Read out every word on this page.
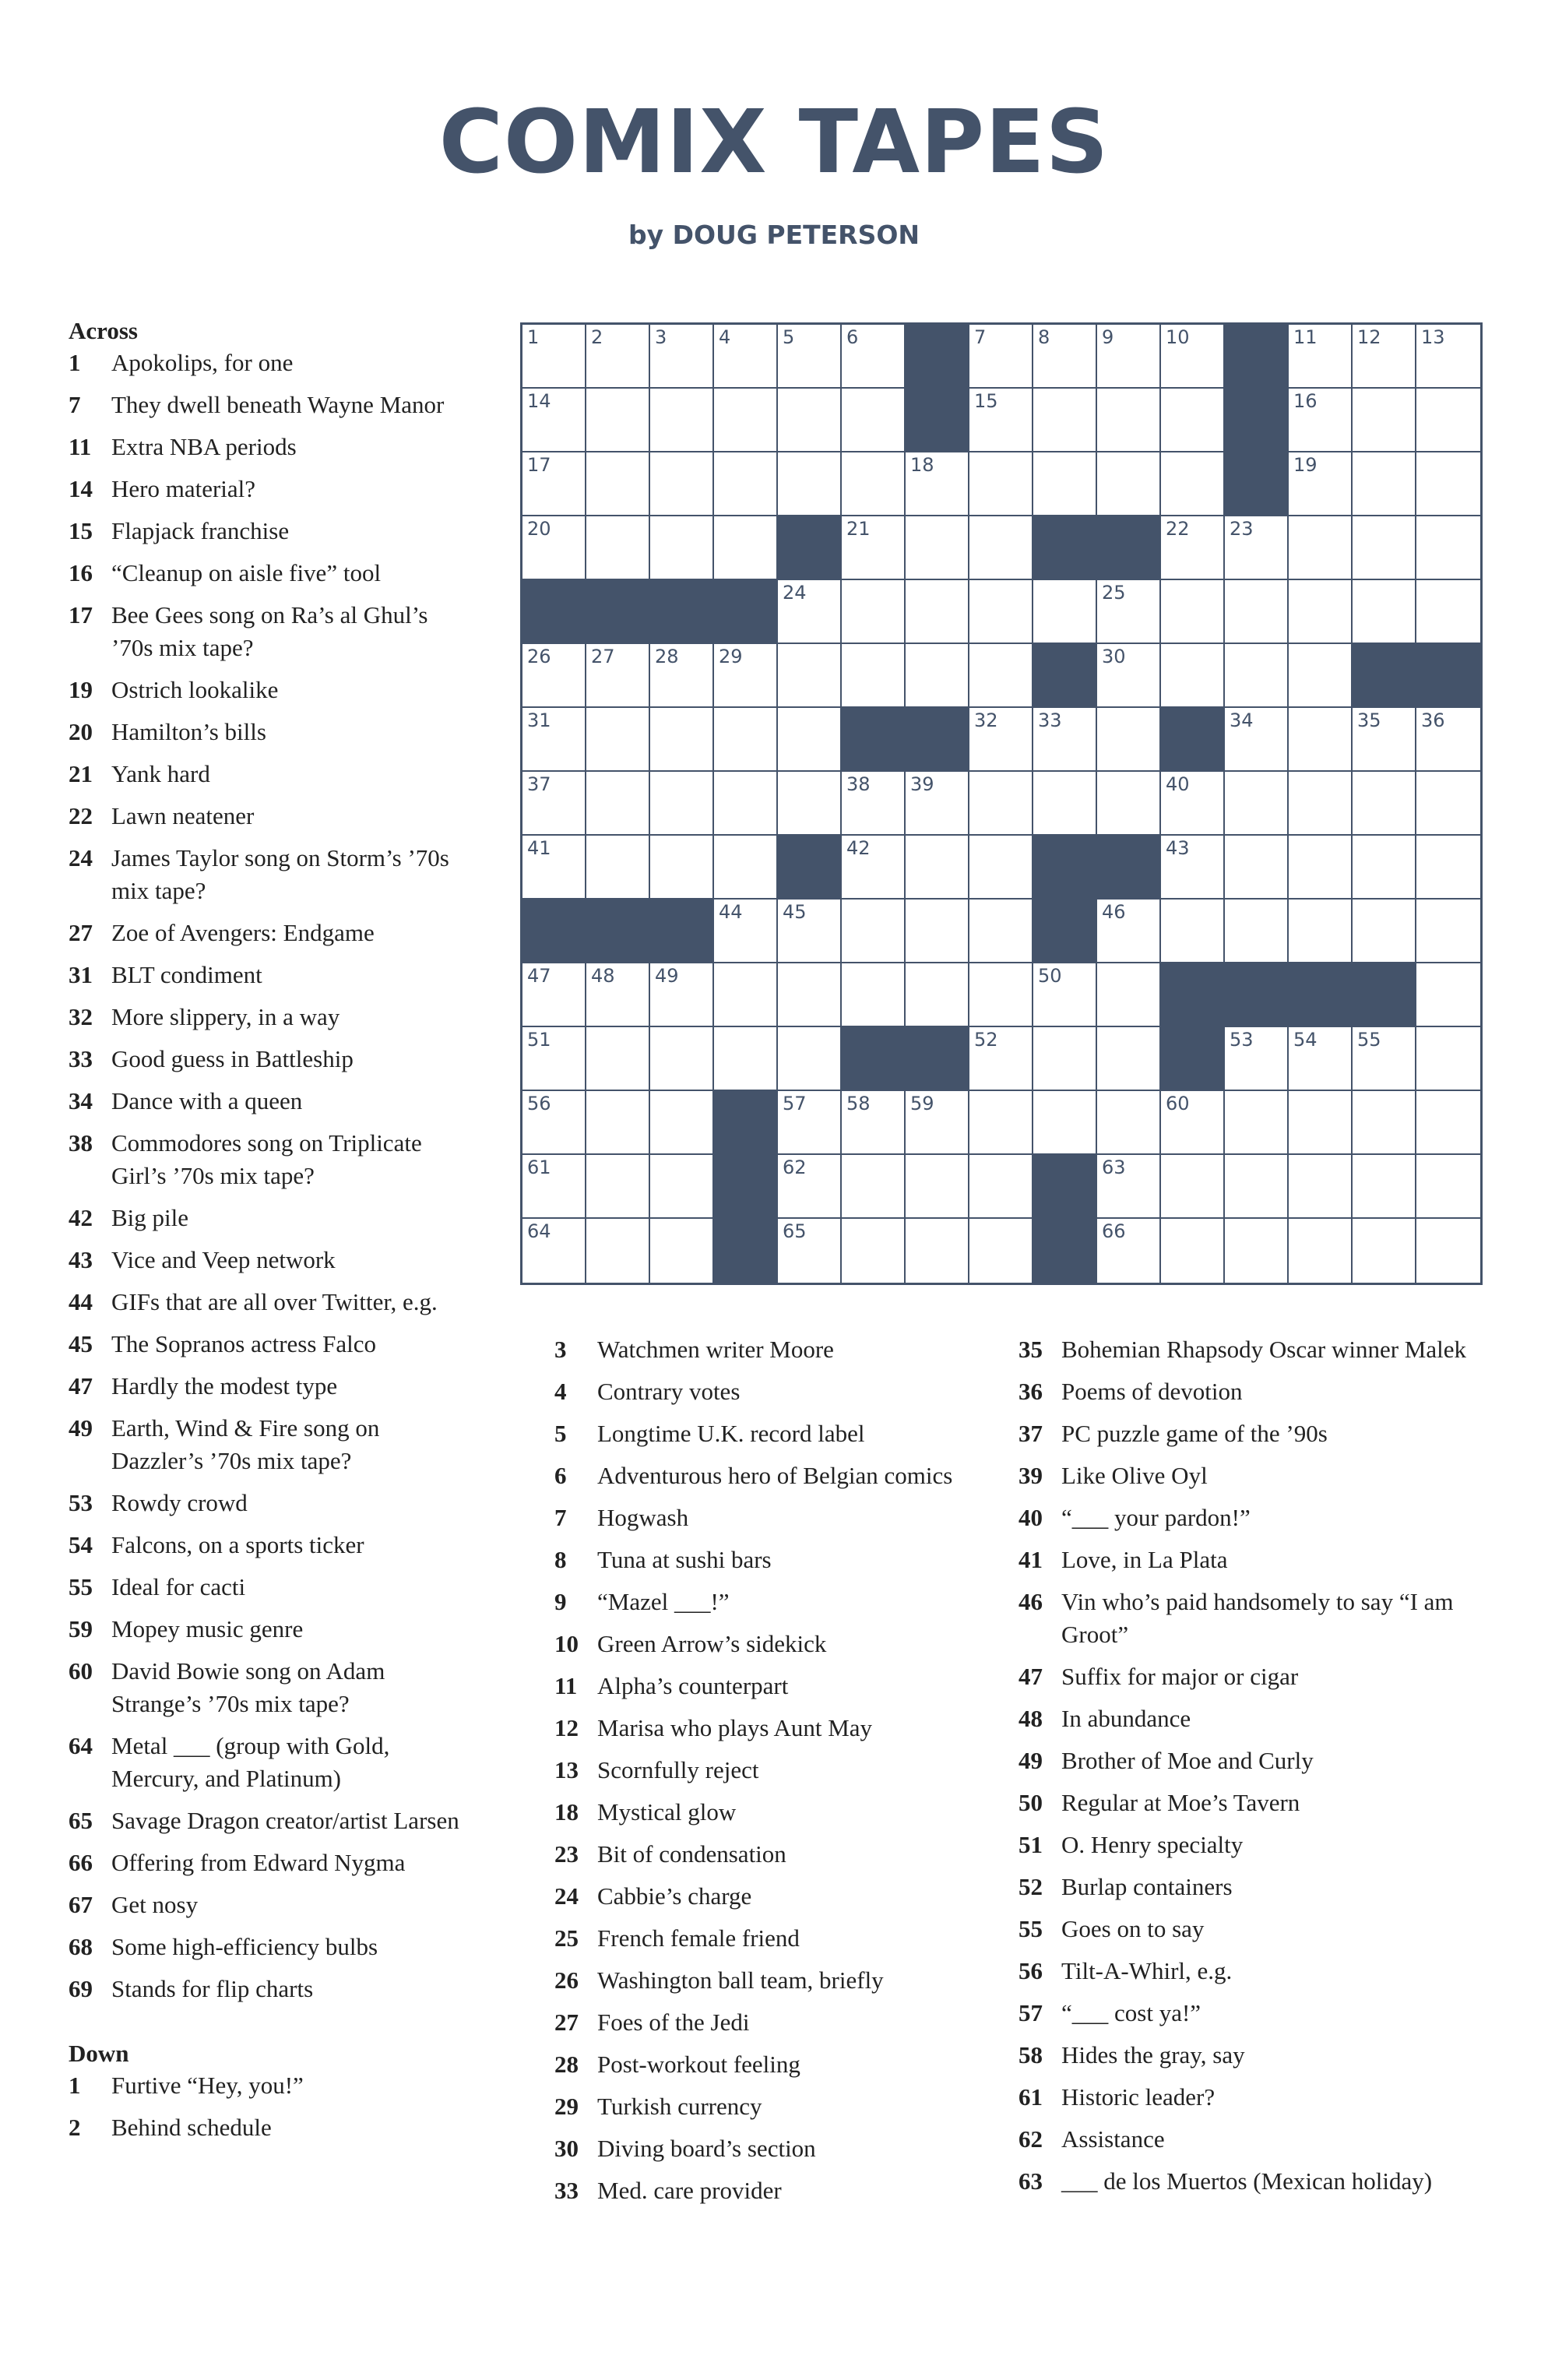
COMIX TAPES
by DOUG PETERSON
Across
1	Apokolips, for one
7	They dwell beneath Wayne Manor
11 Extra NBA periods
14 Hero material?
15 Flapjack franchise
16 “Cleanup on aisle five” tool
17 Bee Gees song on Ra’s al Ghul’s ’70s mix tape?
19 Ostrich lookalike
20 Hamilton’s bills
21 Yank hard
22 Lawn neatener
24 James Taylor song on Storm’s ’70s mix tape?
27 Zoe of Avengers: Endgame
31 BLT condiment
32 More slippery, in a way
33 Good guess in Battleship
34 Dance with a queen
38 Commodores song on Triplicate Girl’s ’70s mix tape?
42 Big pile
43 Vice and Veep network
44 GIFs that are all over Twitter, e.g.
45 The Sopranos actress Falco
47 Hardly the modest type
49 Earth, Wind & Fire song on Dazzler’s ’70s mix tape?
53 Rowdy crowd
54 Falcons, on a sports ticker
55 Ideal for cacti
59 Mopey music genre
60 David Bowie song on Adam Strange’s ’70s mix tape?
64 Metal ___ (group with Gold, Mercury, and Platinum)
65 Savage Dragon creator/artist Larsen
66 Offering from Edward Nygma
67 Get nosy
68 Some high-efficiency bulbs
69 Stands for flip charts
Down
1	Furtive “Hey, you!”
2	Behind schedule
1	2	3	4	5	6	7	8	9	10	11 12 13
14	15	16
17	18	19
20	21	22 23
24	25
26 27 28 29	30
31	32 33	34	35 36
37	38 39	40
41	42	43
44 45	46
47 48 49	50
51	52	53 54 55
56	57 58 59	60
61	62	63
64	65	66
3	Watchmen writer Moore
4	Contrary votes
5	Longtime U.K. record label
6	Adventurous hero of Belgian comics
7	Hogwash
8	Tuna at sushi bars
9	“Mazel ___!”
10 Green Arrow’s sidekick
11 Alpha’s counterpart
12 Marisa who plays Aunt May
13 Scornfully reject
18 Mystical glow
23 Bit of condensation
24 Cabbie’s charge
25 French female friend
26 Washington ball team, briefly
27 Foes of the Jedi
28 Post-workout feeling
29 Turkish currency
30 Diving board’s section
33 Med. care provider
35 Bohemian Rhapsody Oscar winner Malek
36 Poems of devotion
37 PC puzzle game of the ’90s
39 Like Olive Oyl
40 “___ your pardon!”
41 Love, in La Plata
46 Vin who’s paid handsomely to say “I am Groot”
47 Suffix for major or cigar
48 In abundance
49 Brother of Moe and Curly
50 Regular at Moe’s Tavern
51 O. Henry specialty
52 Burlap containers
55 Goes on to say
56 Tilt-A-Whirl, e.g.
57 “___ cost ya!”
58 Hides the gray, say
61 Historic leader?
62 Assistance
63 ___ de los Muertos (Mexican holiday)
